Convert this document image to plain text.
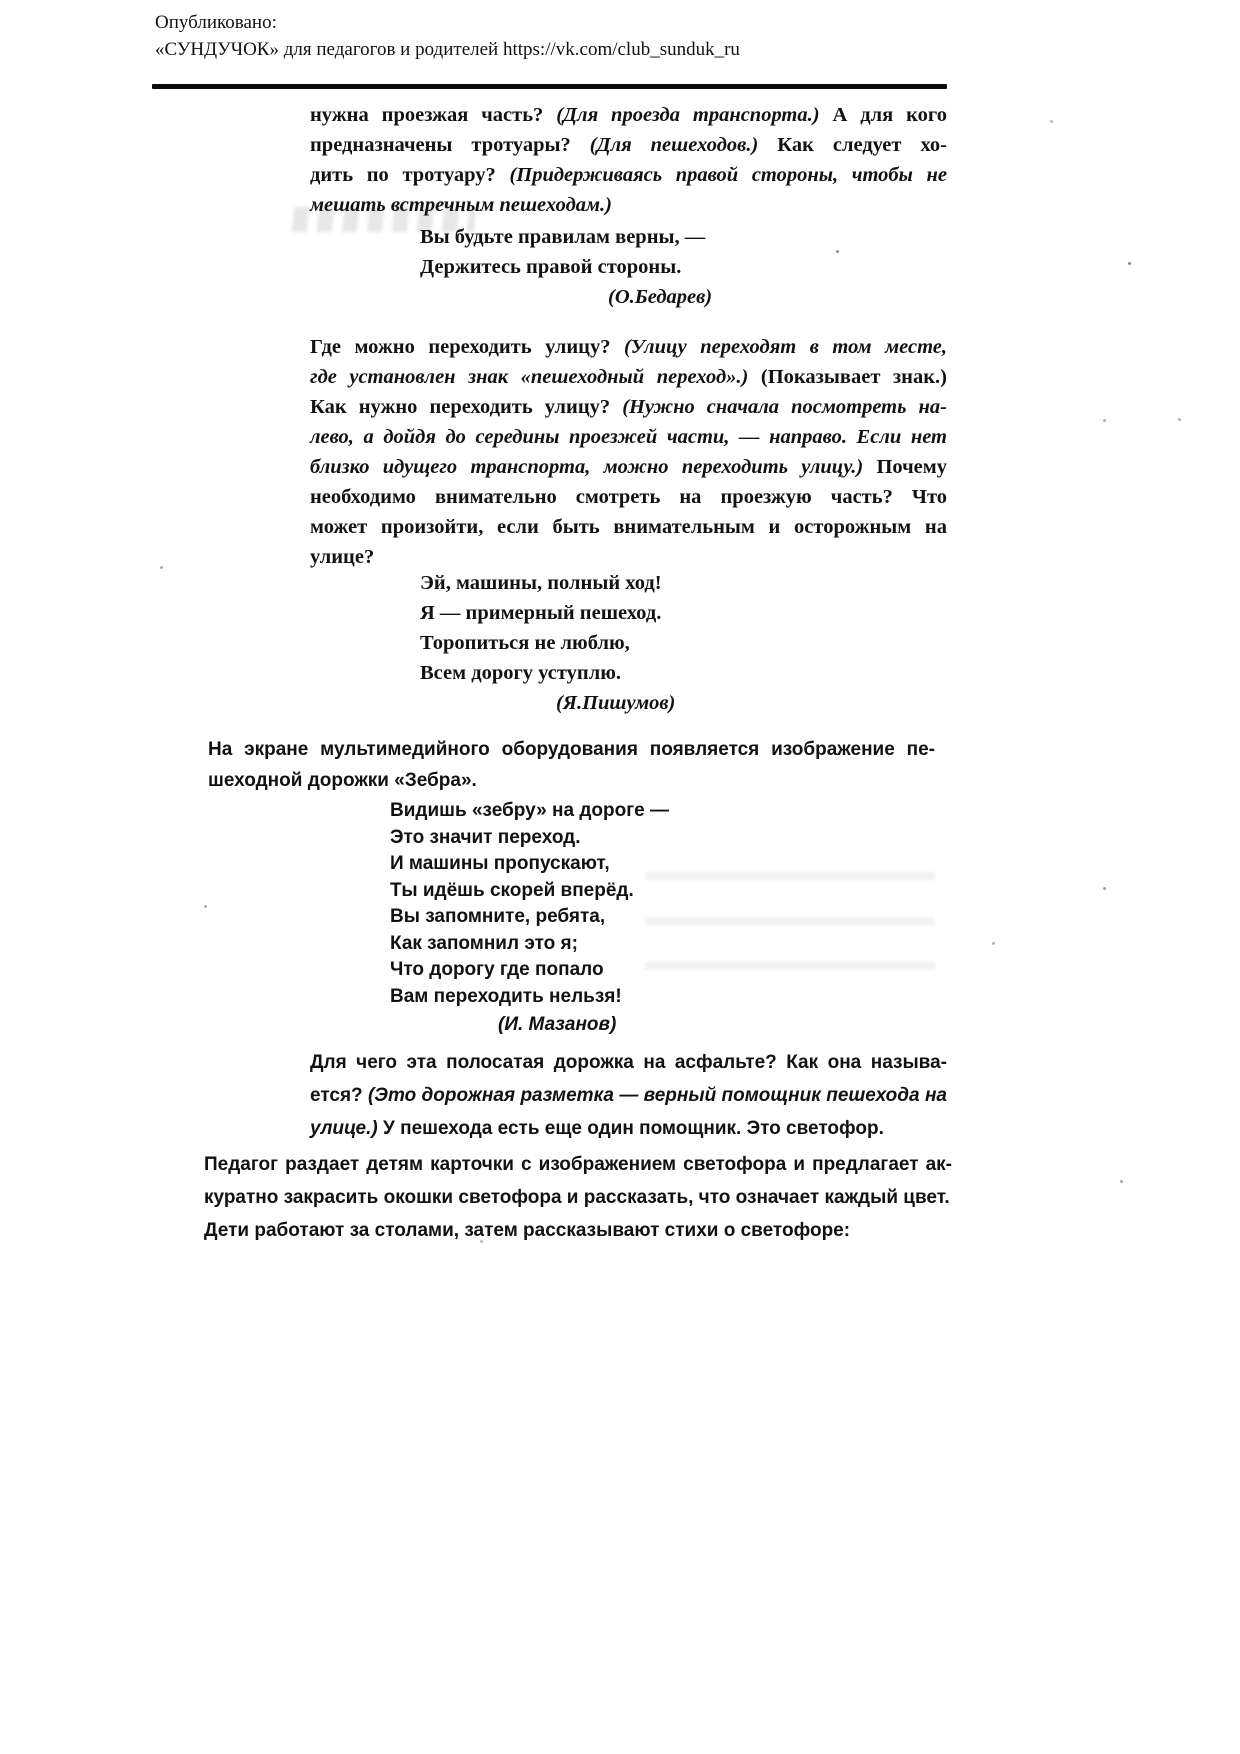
Опубликовано:
«СУНДУЧОК» для педагогов и родителей https://vk.com/club_sunduk_ru
нужна проезжая часть? (Для проезда транспорта.) А для кого
предназначены тротуары? (Для пешеходов.) Как следует хо-
дить по тротуару? (Придерживаясь правой стороны, чтобы не
мешать встречным пешеходам.)
Вы будьте правилам верны, —
Держитесь правой стороны.
(О.Бедарев)
Где можно переходить улицу? (Улицу переходят в том месте,
где установлен знак «пешеходный переход».) (Показывает знак.)
Как нужно переходить улицу? (Нужно сначала посмотреть на-
лево, а дойдя до середины проезжей части, — направо. Если нет
близко идущего транспорта, можно переходить улицу.) Почему
необходимо внимательно смотреть на проезжую часть? Что
может произойти, если быть внимательным и осторожным на
улице?
Эй, машины, полный ход!
Я — примерный пешеход.
Торопиться не люблю,
Всем дорогу уступлю.
(Я.Пишумов)
На экране мультимедийного оборудования появляется изображение пе-
шеходной дорожки «Зебра».
Видишь «зебру» на дороге —
Это значит переход.
И машины пропускают,
Ты идёшь скорей вперёд.
Вы запомните, ребята,
Как запомнил это я;
Что дорогу где попало
Вам переходить нельзя!
(И. Мазанов)
Для чего эта полосатая дорожка на асфальте? Как она называ-
ется? (Это дорожная разметка — верный помощник пешехода на
улице.) У пешехода есть еще один помощник. Это светофор.
Педагог раздает детям карточки с изображением светофора и предлагает ак-
куратно закрасить окошки светофора и рассказать, что означает каждый цвет.
Дети работают за столами, затем рассказывают стихи о светофоре:
